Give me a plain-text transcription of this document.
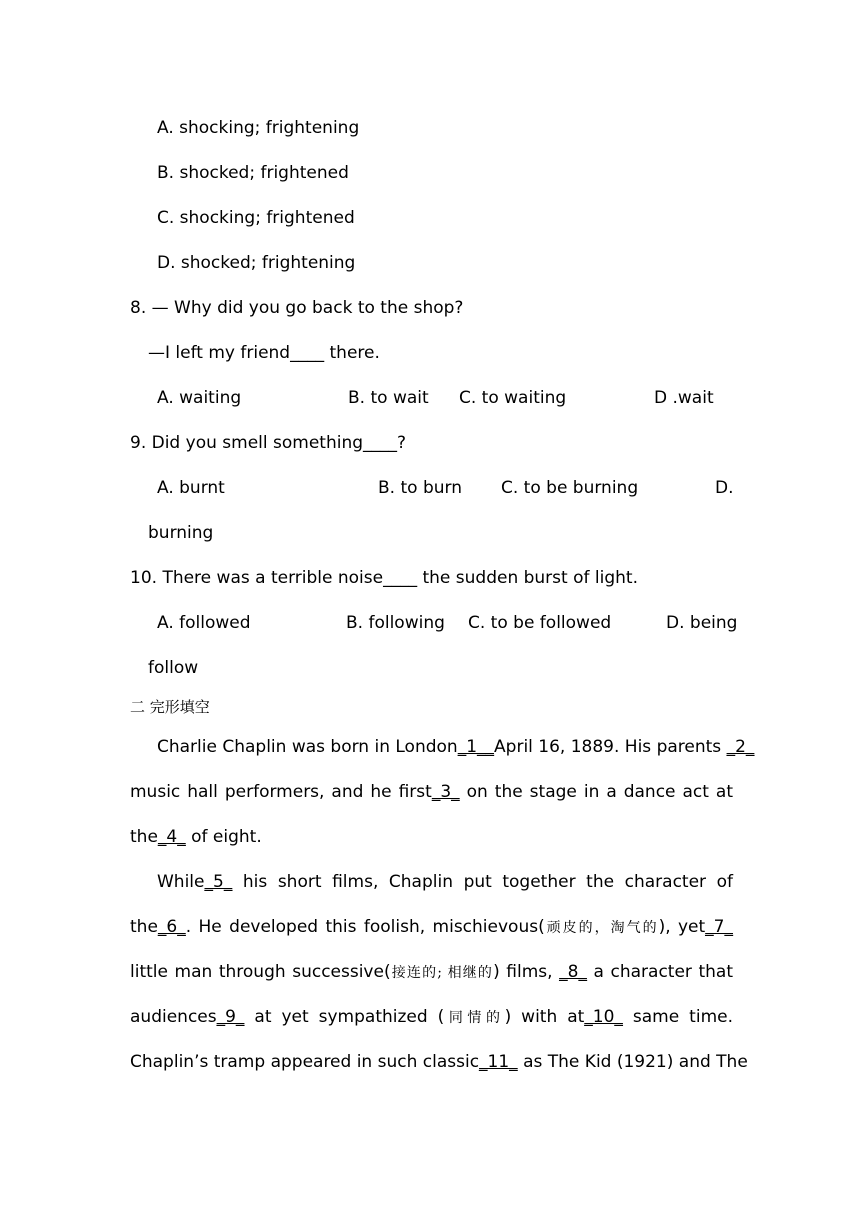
A. shocking; frightening
B. shocked; frightened
C. shocking; frightened
D. shocked; frightening
8. — Why did you go back to the shop?
—I left my friend____ there.
A. waiting	B. to wait C. to waiting	D .wait
9. Did you smell something____?
A. burnt	B. to burn C. to be burning	D.
burning
10. There was a terrible noise____ the sudden burst of light.
A. followed	B. following C. to be followed	D. being
follow
二 完形填空
Charlie Chaplin was born in London_1__April 16, 1889. His parents _2_
music hall performers, and he first_3_ on the stage in a dance act at
the_4_ of eight.
While_5_ his short films, Chaplin put together the character of
the_6_. He developed this foolish, mischievous(顽皮的，淘气的), yet_7_
little man through successive(接连的; 相继的) films, _8_ a character that
audiences_9_ at yet sympathized (同情的) with at_10_ same time.
Chaplin’s tramp appeared in such classic_11_ as The Kid (1921) and The
